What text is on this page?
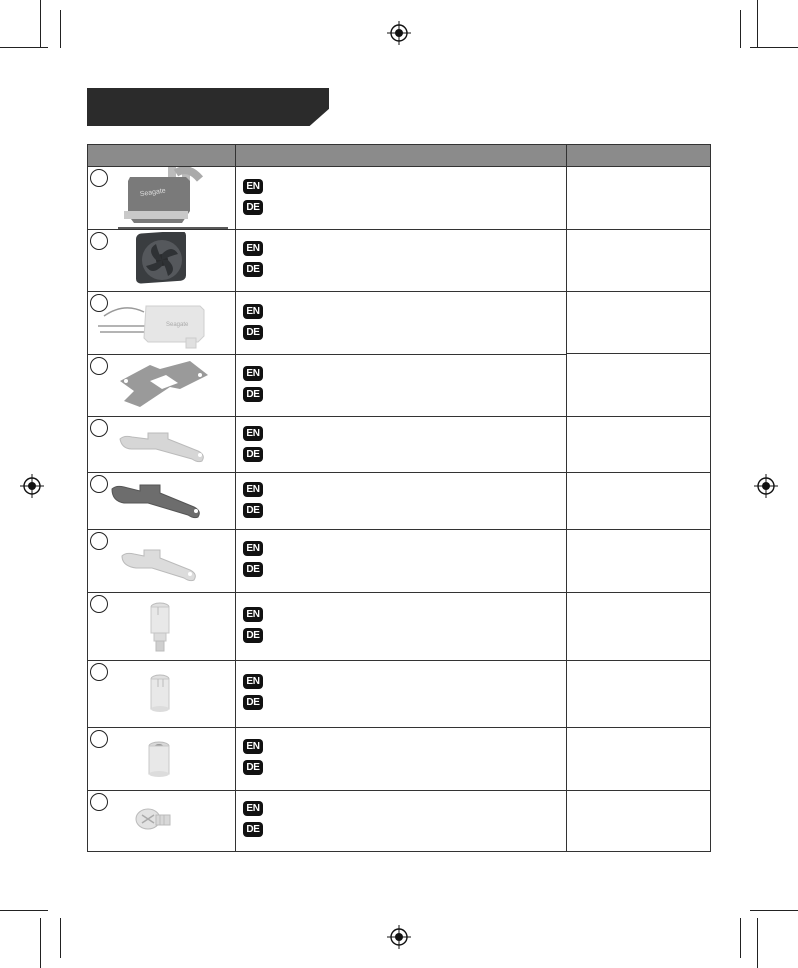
Seagate
EN
DE
EN
DE
Seagate
EN
DE
EN
DE
EN
DE
EN
DE
EN
DE
EN
DE
EN
DE
EN
DE
EN
DE
